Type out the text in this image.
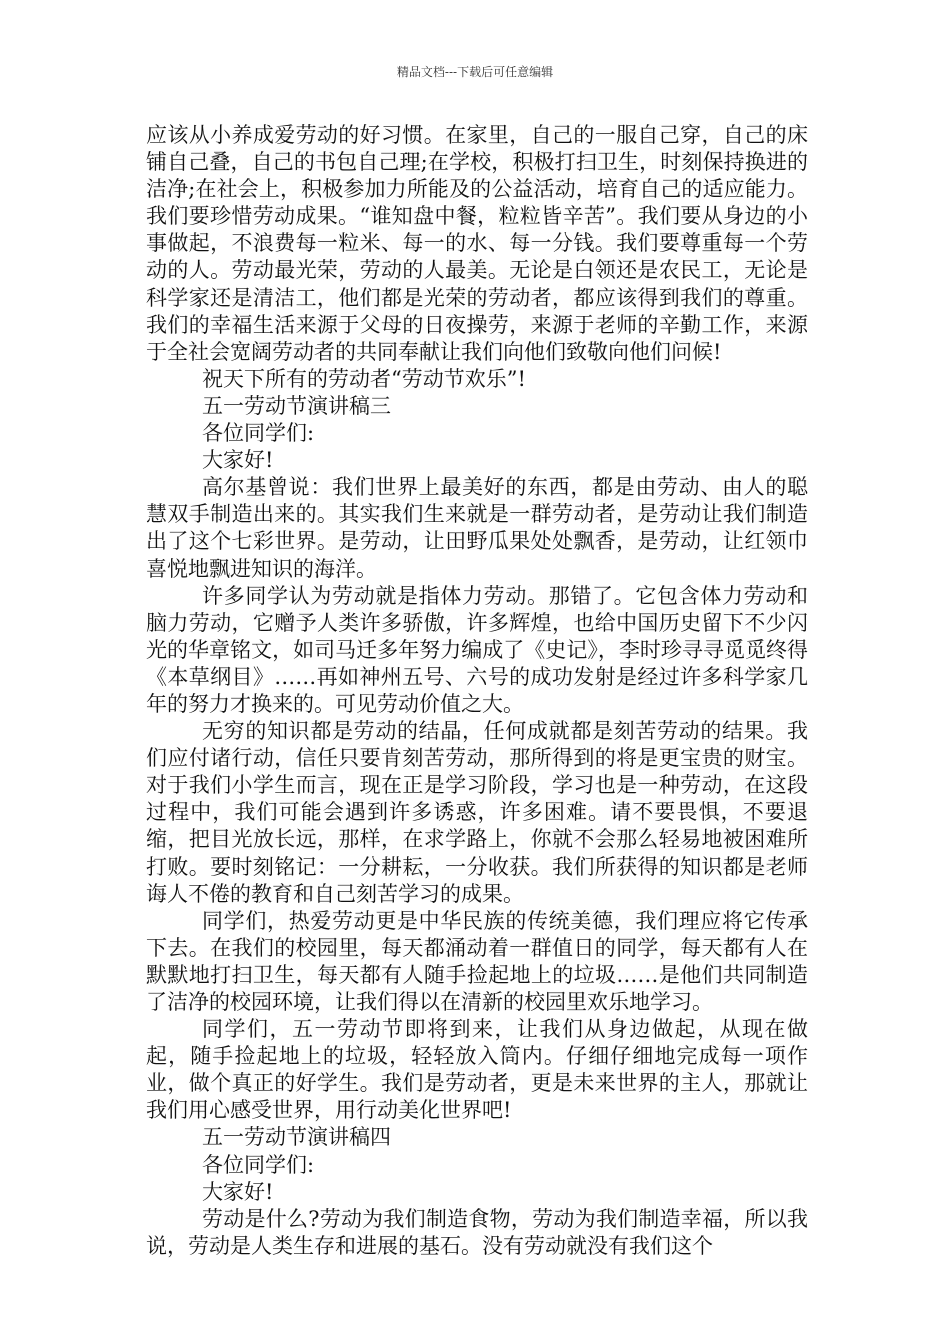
精品文档---下载后可任意编辑

应该从小养成爱劳动的好习惯。在家里，自己的一服自己穿，自己的床铺自己叠，自己的书包自己理;在学校，积极打扫卫生，时刻保持换进的洁净;在社会上，积极参加力所能及的公益活动，培育自己的适应能力。我们要珍惜劳动成果。“谁知盘中餐，粒粒皆辛苦”。我们要从身边的小事做起，不浪费每一粒米、每一的水、每一分钱。我们要尊重每一个劳动的人。劳动最光荣，劳动的人最美。无论是白领还是农民工，无论是科学家还是清洁工，他们都是光荣的劳动者，都应该得到我们的尊重。我们的幸福生活来源于父母的日夜操劳，来源于老师的辛勤工作，来源于全社会宽阔劳动者的共同奉献让我们向他们致敬向他们问候!

祝天下所有的劳动者“劳动节欢乐”!

五一劳动节演讲稿三

各位同学们:

大家好!

高尔基曾说：我们世界上最美好的东西，都是由劳动、由人的聪慧双手制造出来的。其实我们生来就是一群劳动者，是劳动让我们制造出了这个七彩世界。是劳动，让田野瓜果处处飘香，是劳动，让红领巾喜悦地飘进知识的海洋。

许多同学认为劳动就是指体力劳动。那错了。它包含体力劳动和脑力劳动，它赠予人类许多骄傲，许多辉煌，也给中国历史留下不少闪光的华章铭文，如司马迁多年努力编成了《史记》，李时珍寻寻觅觅终得《本草纲目》……再如神州五号、六号的成功发射是经过许多科学家几年的努力才换来的。可见劳动价值之大。

无穷的知识都是劳动的结晶，任何成就都是刻苦劳动的结果。我们应付诸行动，信任只要肯刻苦劳动，那所得到的将是更宝贵的财宝。对于我们小学生而言，现在正是学习阶段，学习也是一种劳动，在这段过程中，我们可能会遇到许多诱惑，许多困难。请不要畏惧，不要退缩，把目光放长远，那样，在求学路上，你就不会那么轻易地被困难所打败。要时刻铭记：一分耕耘，一分收获。我们所获得的知识都是老师诲人不倦的教育和自己刻苦学习的成果。

同学们，热爱劳动更是中华民族的传统美德，我们理应将它传承下去。在我们的校园里，每天都涌动着一群值日的同学，每天都有人在默默地打扫卫生，每天都有人随手捡起地上的垃圾……是他们共同制造了洁净的校园环境，让我们得以在清新的校园里欢乐地学习。

同学们，五一劳动节即将到来，让我们从身边做起，从现在做起，随手捡起地上的垃圾，轻轻放入筒内。仔细仔细地完成每一项作业，做个真正的好学生。我们是劳动者，更是未来世界的主人，那就让我们用心感受世界，用行动美化世界吧!

五一劳动节演讲稿四

各位同学们:

大家好!

劳动是什么?劳动为我们制造食物，劳动为我们制造幸福，所以我说，劳动是人类生存和进展的基石。没有劳动就没有我们这个
